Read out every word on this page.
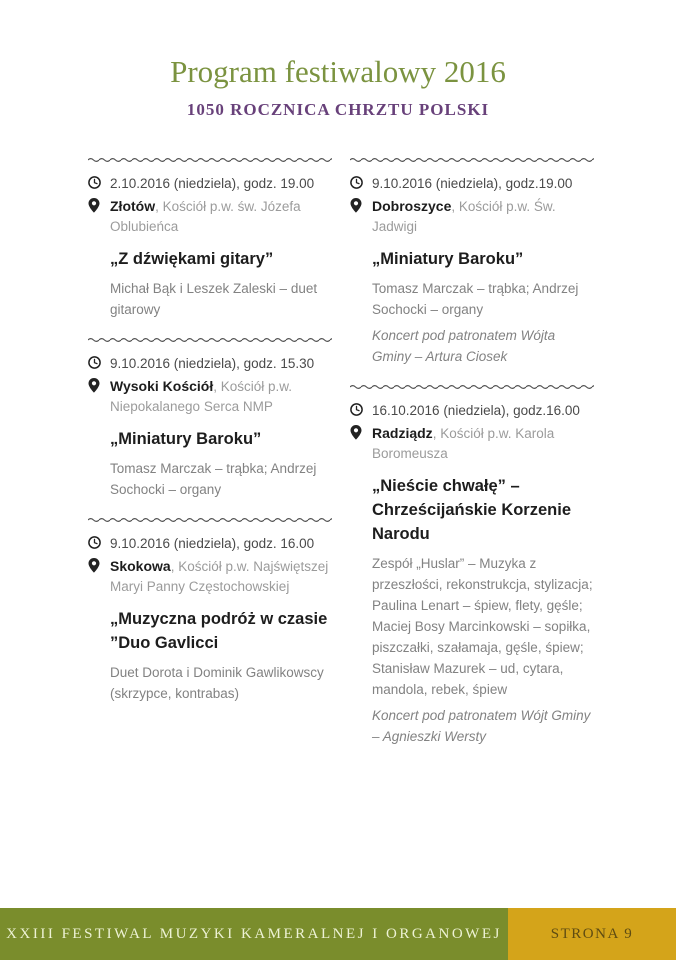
Program festiwalowy 2016
1050 ROCZNICA CHRZTU POLSKI
2.10.2016 (niedziela), godz. 19.00
Złotów, Kościół p.w. św. Józefa Oblubieńca
„Z dźwiękami gitary”
Michał Bąk i Leszek Zaleski – duet gitarowy
9.10.2016 (niedziela), godz. 15.30
Wysoki Kościół, Kościół p.w. Niepokalanego Serca NMP
„Miniatury Baroku”
Tomasz Marczak – trąbka; Andrzej Sochocki – organy
9.10.2016 (niedziela), godz. 16.00
Skokowa, Kościół p.w. Najświętszej Maryi Panny Częstochowskiej
„Muzyczna podróż w czasie ”Duo Gavlicci
Duet Dorota i Dominik Gawlikowscy (skrzypce, kontrabas)
9.10.2016 (niedziela), godz.19.00
Dobroszyce, Kościół p.w. Św. Jadwigi
„Miniatury Baroku”
Tomasz Marczak – trąbka; Andrzej Sochocki – organy
Koncert pod patronatem Wójta Gminy – Artura Ciosek
16.10.2016 (niedziela), godz.16.00
Radziądz, Kościół p.w. Karola Boromeusza
„Nieście chwałę” – Chrześcijańskie Korzenie Narodu
Zespół „Huslar” – Muzyka z przeszłości, rekonstrukcja, stylizacja; Paulina Lenart – śpiew, flety, gęśle; Maciej Bosy Marcinkowski – sopiłka, piszczałki, szałamaja, gęśle, śpiew; Stanisław Mazurek – ud, cytara, mandola, rebek, śpiew
Koncert pod patronatem Wójt Gminy – Agnieszki Wersty
XXIII FESTIWAL MUZYKI KAMERALNEJ I ORGANOWEJ	STRONA 9
